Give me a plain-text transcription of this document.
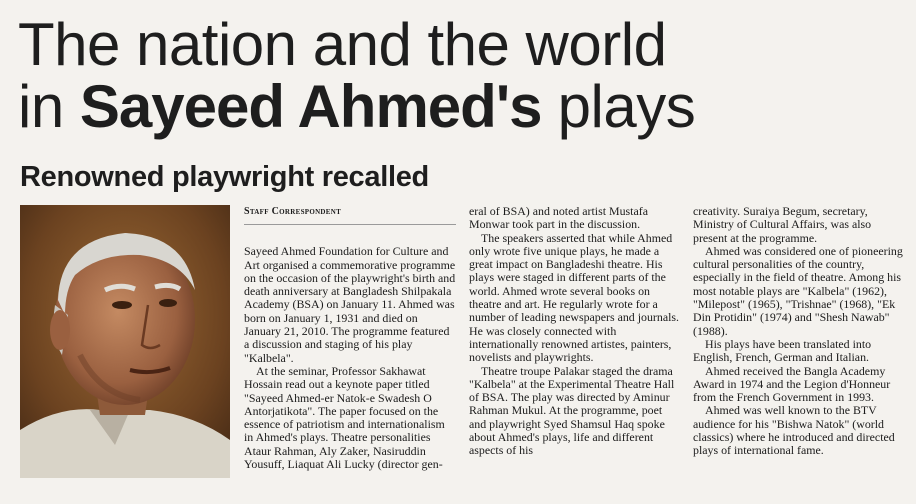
The nation and the world
in Sayeed Ahmed's plays
Renowned playwright recalled

Staff Correspondent

Sayeed Ahmed Foundation for Culture and Art organised a commemorative programme on the occasion of the playwright's birth and death anniversary at Bangladesh Shilpakala Academy (BSA) on January 11. Ahmed was born on January 1, 1931 and died on January 21, 2010. The programme featured a discussion and staging of his play "Kalbela".

At the seminar, Professor Sakhawat Hossain read out a keynote paper titled "Sayeed Ahmed-er Natok-e Swadesh O Antorjatikota". The paper focused on the essence of patriotism and internationalism in Ahmed's plays. Theatre personalities Ataur Rahman, Aly Zaker, Nasiruddin Yousuff, Liaquat Ali Lucky (director gen-

eral of BSA) and noted artist Mustafa Monwar took part in the discussion.

The speakers asserted that while Ahmed only wrote five unique plays, he made a great impact on Bangladeshi theatre. His plays were staged in different parts of the world. Ahmed wrote several books on theatre and art. He regularly wrote for a number of leading newspapers and journals. He was closely connected with internationally renowned artistes, painters, novelists and playwrights.

Theatre troupe Palakar staged the drama "Kalbela" at the Experimental Theatre Hall of BSA. The play was directed by Aminur Rahman Mukul. At the programme, poet and playwright Syed Shamsul Haq spoke about Ahmed's plays, life and different aspects of his

creativity. Suraiya Begum, secretary, Ministry of Cultural Affairs, was also present at the programme.

Ahmed was considered one of pioneering cultural personalities of the country, especially in the field of theatre. Among his most notable plays are "Kalbela" (1962), "Milepost" (1965), "Trishnae" (1968), "Ek Din Protidin" (1974) and "Shesh Nawab" (1988).

His plays have been translated into English, French, German and Italian.

Ahmed received the Bangla Academy Award in 1974 and the Legion d'Honneur from the French Government in 1993.

Ahmed was well known to the BTV audience for his "Bishwa Natok" (world classics) where he introduced and directed plays of international fame.
